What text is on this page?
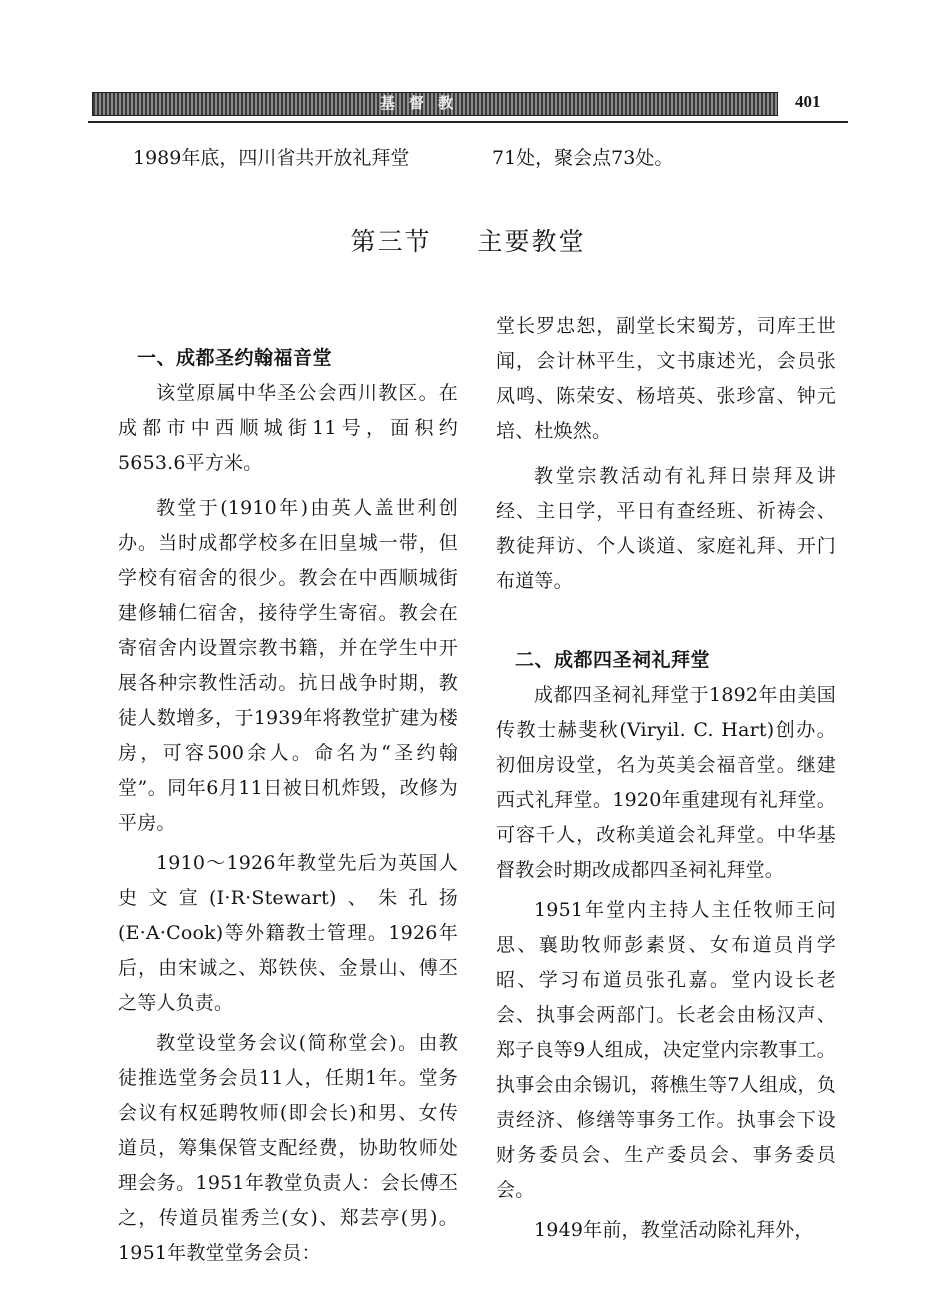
基督教	401
1989年底，四川省共开放礼拜堂	71处，聚会点73处。
第三节 主要教堂
一、成都圣约翰福音堂

该堂原属中华圣公会西川教区。在成都市中西顺城街11号，面积约5653.6平方米。

教堂于(1910年)由英人盖世利创办。当时成都学校多在旧皇城一带，但学校有宿舍的很少。教会在中西顺城街建修辅仁宿舍，接待学生寄宿。教会在寄宿舍内设置宗教书籍，并在学生中开展各种宗教性活动。抗日战争时期，教徒人数增多，于1939年将教堂扩建为楼房，可容500余人。命名为“圣约翰堂”。同年6月11日被日机炸毁，改修为平房。

1910～1926年教堂先后为英国人史文宣(I·R·Stewart)、朱孔扬(E·A·Cook)等外籍教士管理。1926年后，由宋诚之、郑铁侠、金景山、傅丕之等人负责。

教堂设堂务会议(简称堂会)。由教徒推选堂务会员11人，任期1年。堂务会议有权延聘牧师(即会长)和男、女传道员，筹集保管支配经费，协助牧师处理会务。1951年教堂负责人：会长傅丕之，传道员崔秀兰(女)、郑芸亭(男)。1951年教堂堂务会员：

堂长罗忠恕，副堂长宋蜀芳，司库王世闻，会计林平生，文书康述光，会员张凤鸣、陈荣安、杨培英、张珍富、钟元培、杜焕然。

教堂宗教活动有礼拜日崇拜及讲经、主日学，平日有查经班、祈祷会、教徒拜访、个人谈道、家庭礼拜、开门布道等。

二、成都四圣祠礼拜堂

成都四圣祠礼拜堂于1892年由美国传教士赫斐秋(Viryil. C. Hart)创办。初佃房设堂，名为英美会福音堂。继建西式礼拜堂。1920年重建现有礼拜堂。可容千人，改称美道会礼拜堂。中华基督教会时期改成都四圣祠礼拜堂。

1951年堂内主持人主任牧师王问思、襄助牧师彭素贤、女布道员肖学昭、学习布道员张孔嘉。堂内设长老会、执事会两部门。长老会由杨汉声、郑子良等9人组成，决定堂内宗教事工。执事会由余锡讥，蒋樵生等7人组成，负责经济、修缮等事务工作。执事会下设财务委员会、生产委员会、事务委员会。

1949年前，教堂活动除礼拜外，
